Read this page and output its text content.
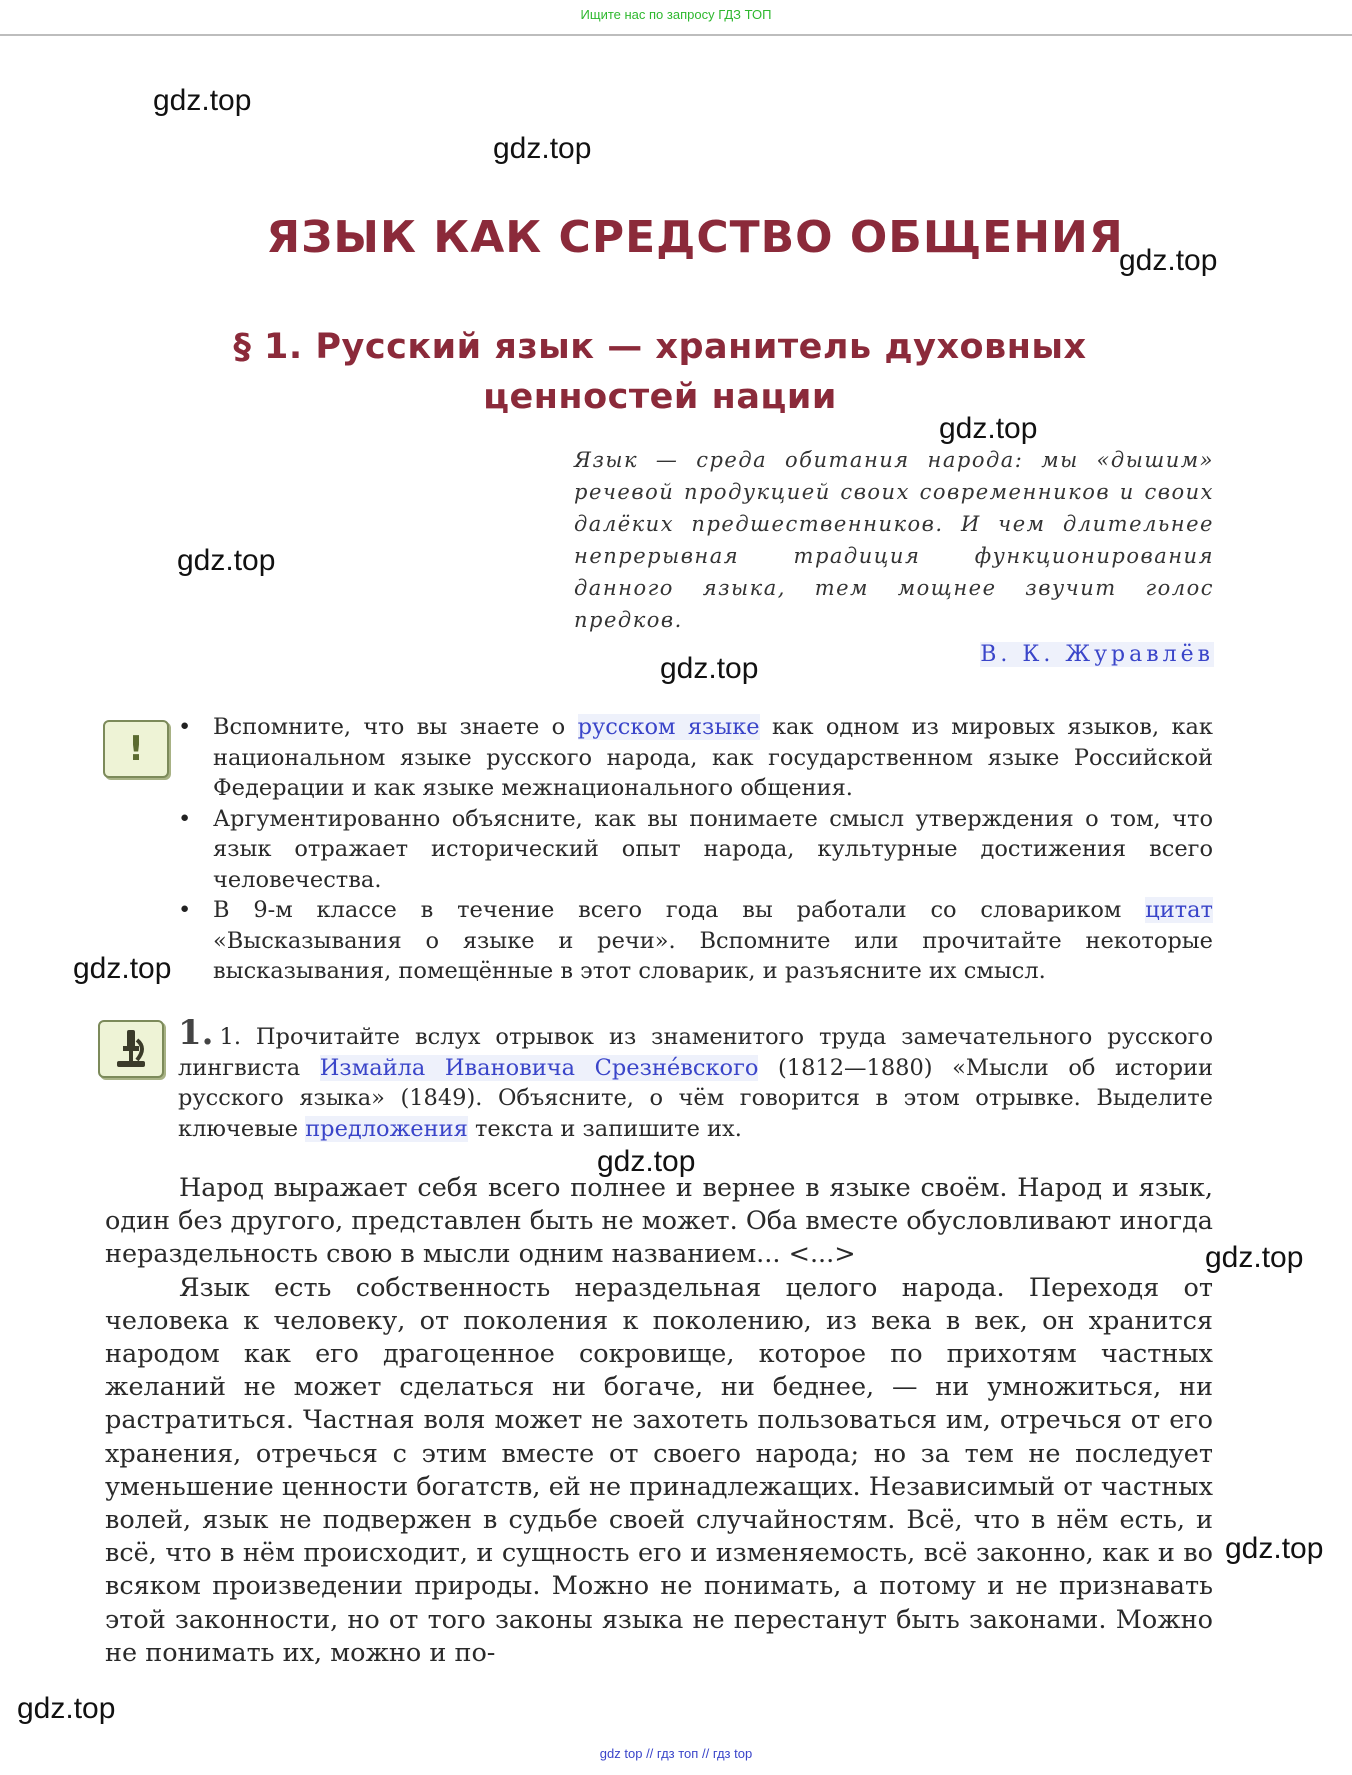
Ищите нас по запросу ГДЗ ТОП
gdz.top
gdz.top
gdz.top
gdz.top
gdz.top
gdz.top
gdz.top
gdz.top
gdz.top
gdz.top
gdz.top
ЯЗЫК КАК СРЕДСТВО ОБЩЕНИЯ
§ 1. Русский язык — хранитель духовных ценностей нации
Язык — среда обитания народа: мы «дышим» речевой продукцией своих современников и своих далёких предшественников. И чем длительнее непрерывная традиция функционирования данного языка, тем мощнее звучит голос предков.
В. К. Журавлёв
!
• Вспомните, что вы знаете о русском языке как одном из мировых языков, как национальном языке русского народа, как государственном языке Российской Федерации и как языке межнационального общения.
• Аргументированно объясните, как вы понимаете смысл утверждения о том, что язык отражает исторический опыт народа, культурные достижения всего человечества.
• В 9-м классе в течение всего года вы работали со словариком цитат «Высказывания о языке и речи». Вспомните или прочитайте некоторые высказывания, помещённые в этот словарик, и разъясните их смысл.
1. 1. Прочитайте вслух отрывок из знаменитого труда замечательного русского лингвиста Измайла Ивановича Срезне́вского (1812—1880) «Мысли об истории русского языка» (1849). Объясните, о чём говорится в этом отрывке. Выделите ключевые предложения текста и запишите их.

Народ выражает себя всего полнее и вернее в языке своём. Народ и язык, один без другого, представлен быть не может. Оба вместе обусловливают иногда нераздельность свою в мысли одним названием... <...>

Язык есть собственность нераздельная целого народа. Переходя от человека к человеку, от поколения к поколению, из века в век, он хранится народом как его драгоценное сокровище, которое по прихотям частных желаний не может сделаться ни богаче, ни беднее, — ни умножиться, ни растратиться. Частная воля может не захотеть пользоваться им, отречься от его хранения, отречься с этим вместе от своего народа; но за тем не последует уменьшение ценности богатств, ей не принадлежащих. Независимый от частных волей, язык не подвержен в судьбе своей случайностям. Всё, что в нём есть, и всё, что в нём происходит, и сущность его и изменяемость, всё законно, как и во всяком произведении природы. Можно не понимать, а потому и не признавать этой законности, но от того законы языка не перестанут быть законами. Можно не понимать их, можно и по-

gdz top // гдз топ // гдз top
